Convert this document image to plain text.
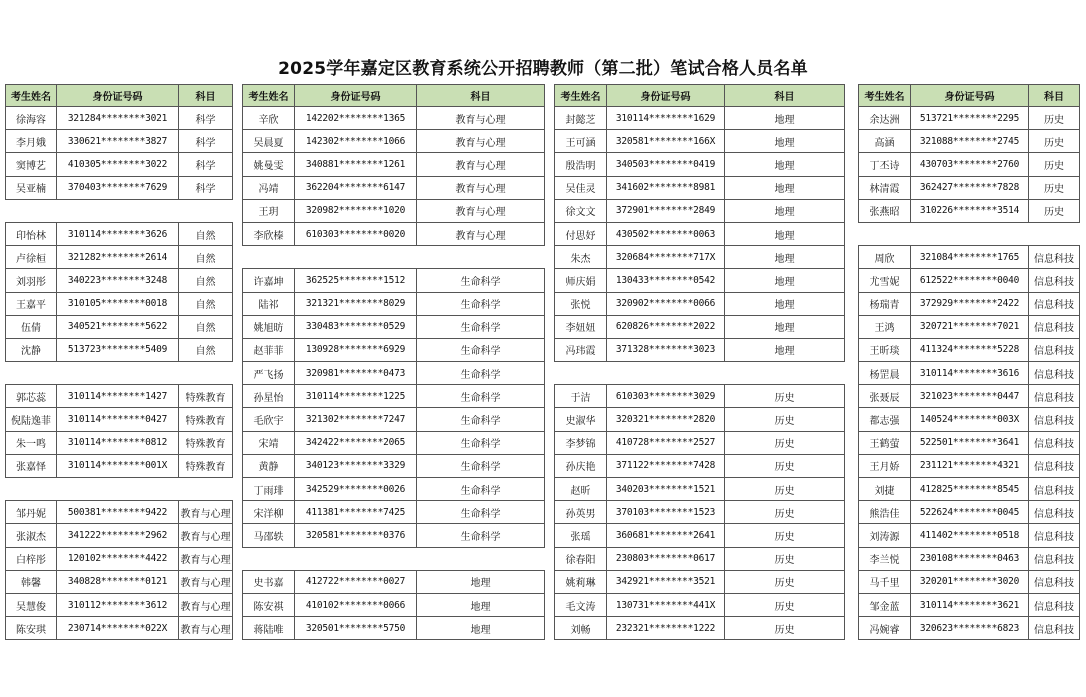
2025学年嘉定区教育系统公开招聘教师（第二批）笔试合格人员名单
考生姓名	身份证号码	科目
徐海容	321284********3021	科学
李月娥	330621********3827	科学
窦博艺	410305********3022	科学
吴亚楠	370403********7629	科学

印怡林	310114********3626	自然
卢徐桓	321282********2614	自然
刘羽彤	340223********3248	自然
王嘉平	310105********0018	自然
伍倩	340521********5622	自然
沈静	513723********5409	自然

郭芯蕊	310114********1427	特殊教育
倪陆逸菲	310114********0427	特殊教育
朱一鸣	310114********0812	特殊教育
张嘉怿	310114********001X	特殊教育

邹丹妮	500381********9422	教育与心理
张淑杰	341222********2962	教育与心理
白梓彤	120102********4422	教育与心理
韩馨	340828********0121	教育与心理
吴慧俊	310112********3612	教育与心理
陈安琪	230714********022X	教育与心理
考生姓名	身份证号码	科目
辛欣	142202********1365	教育与心理
吴晨夏	142302********1066	教育与心理
姚曼雯	340881********1261	教育与心理
冯靖	362204********6147	教育与心理
王玥	320982********1020	教育与心理
李欣榛	610303********0020	教育与心理

许嘉坤	362525********1512	生命科学
陆祁	321321********8029	生命科学
姚旭昉	330483********0529	生命科学
赵菲菲	130928********6929	生命科学
严飞扬	320981********0473	生命科学
孙星怡	310114********1225	生命科学
毛欣宇	321302********7247	生命科学
宋靖	342422********2065	生命科学
黄静	340123********3329	生命科学
丁雨琲	342529********0026	生命科学
宋洋柳	411381********7425	生命科学
马邵轶	320581********0376	生命科学

史书嘉	412722********0027	地理
陈安祺	410102********0066	地理
蒋陆唯	320501********5750	地理
考生姓名	身份证号码	科目
封懿芝	310114********1629	地理
王可涵	320581********166X	地理
殷浩明	340503********0419	地理
吴佳灵	341602********8981	地理
徐文文	372901********2849	地理
付思妤	430502********0063	地理
朱杰	320684********717X	地理
师庆娟	130433********0542	地理
张悦	320902********0066	地理
李妞妞	620826********2022	地理
冯玮霞	371328********3023	地理

于洁	610303********3029	历史
史淑华	320321********2820	历史
李梦锦	410728********2527	历史
孙庆艳	371122********7428	历史
赵昕	340203********1521	历史
孙英男	370103********1523	历史
张瑶	360681********2641	历史
徐春阳	230803********0617	历史
姚莉琳	342921********3521	历史
毛文涛	130731********441X	历史
刘畅	232321********1222	历史
考生姓名	身份证号码	科目
余达洲	513721********2295	历史
高涵	321088********2745	历史
丁丕诗	430703********2760	历史
林清霞	362427********7828	历史
张燕昭	310226********3514	历史

周欣	321084********1765	信息科技
尤雪妮	612522********0040	信息科技
杨瑞青	372929********2422	信息科技
王鸿	320721********7021	信息科技
王昕琰	411324********5228	信息科技
杨罡晨	310114********3616	信息科技
张聂辰	321023********0447	信息科技
都志强	140524********003X	信息科技
王鹤萤	522501********3641	信息科技
王月娇	231121********4321	信息科技
刘捷	412825********8545	信息科技
熊浩佳	522624********0045	信息科技
刘涛源	411402********0518	信息科技
李兰悦	230108********0463	信息科技
马千里	320201********3020	信息科技
邹金蓝	310114********3621	信息科技
冯婉睿	320623********6823	信息科技
